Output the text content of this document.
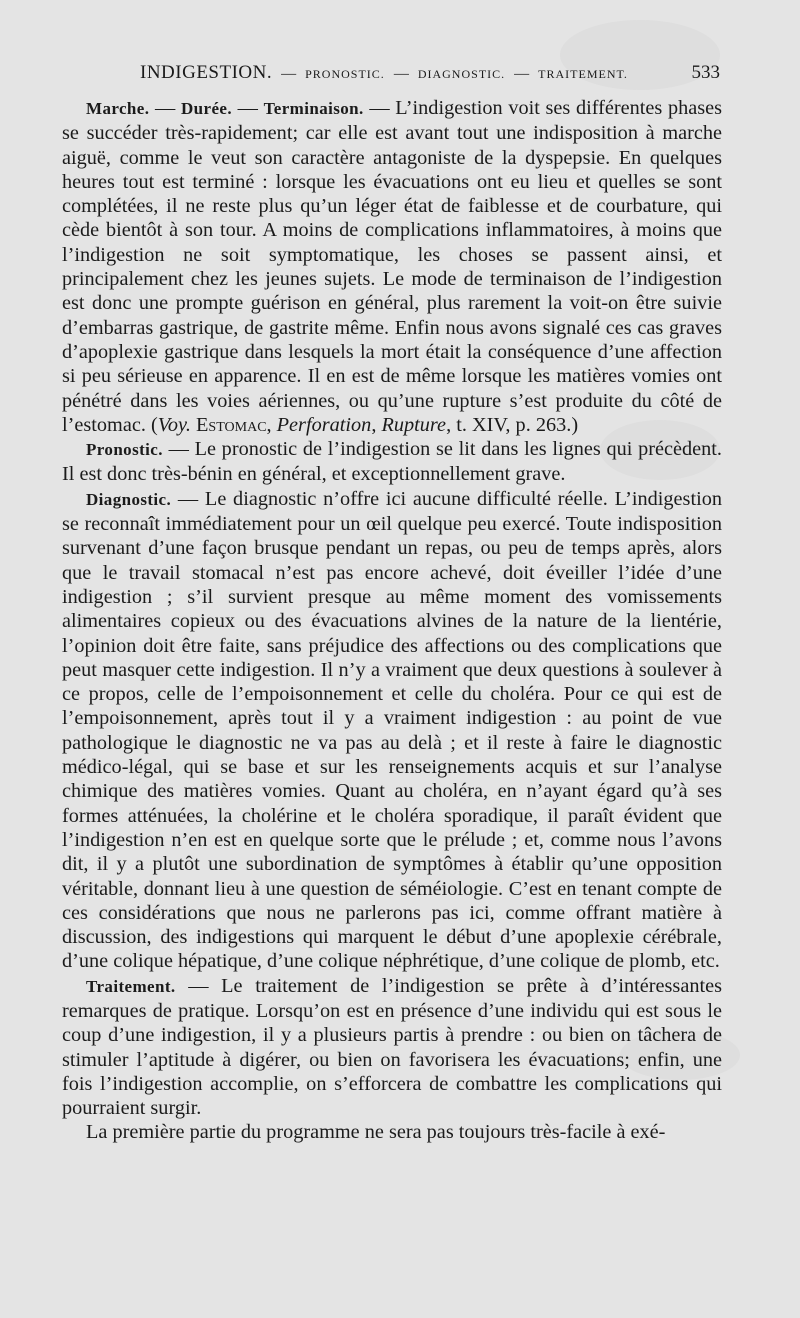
INDIGESTION. — PRONOSTIC. — DIAGNOSTIC. — TRAITEMENT.	533

Marche. — Durée. — Terminaison. — L’indigestion voit ses différentes phases se succéder très-rapidement; car elle est avant tout une indisposition à marche aiguë, comme le veut son caractère antagoniste de la dyspepsie. En quelques heures tout est terminé : lorsque les évacuations ont eu lieu et quelles se sont complétées, il ne reste plus qu’un léger état de faiblesse et de courbature, qui cède bientôt à son tour. A moins de complications inflammatoires, à moins que l’indigestion ne soit symptomatique, les choses se passent ainsi, et principalement chez les jeunes sujets. Le mode de terminaison de l’indigestion est donc une prompte guérison en général, plus rarement la voit-on être suivie d’embarras gastrique, de gastrite même. Enfin nous avons signalé ces cas graves d’apoplexie gastrique dans lesquels la mort était la conséquence d’une affection si peu sérieuse en apparence. Il en est de même lorsque les matières vomies ont pénétré dans les voies aériennes, ou qu’une rupture s’est produite du côté de l’estomac. (Voy. Estomac, Perforation, Rupture, t. XIV, p. 263.)

Pronostic. — Le pronostic de l’indigestion se lit dans les lignes qui précèdent. Il est donc très-bénin en général, et exceptionnellement grave.

Diagnostic. — Le diagnostic n’offre ici aucune difficulté réelle. L’indigestion se reconnaît immédiatement pour un œil quelque peu exercé. Toute indisposition survenant d’une façon brusque pendant un repas, ou peu de temps après, alors que le travail stomacal n’est pas encore achevé, doit éveiller l’idée d’une indigestion ; s’il survient presque au même moment des vomissements alimentaires copieux ou des évacuations alvines de la nature de la lientérie, l’opinion doit être faite, sans préjudice des affections ou des complications que peut masquer cette indigestion. Il n’y a vraiment que deux questions à soulever à ce propos, celle de l’empoisonnement et celle du choléra. Pour ce qui est de l’empoisonnement, après tout il y a vraiment indigestion : au point de vue pathologique le diagnostic ne va pas au delà ; et il reste à faire le diagnostic médico-légal, qui se base et sur les renseignements acquis et sur l’analyse chimique des matières vomies. Quant au choléra, en n’ayant égard qu’à ses formes atténuées, la cholérine et le choléra sporadique, il paraît évident que l’indigestion n’en est en quelque sorte que le prélude ; et, comme nous l’avons dit, il y a plutôt une subordination de symptômes à établir qu’une opposition véritable, donnant lieu à une question de séméiologie. C’est en tenant compte de ces considérations que nous ne parlerons pas ici, comme offrant matière à discussion, des indigestions qui marquent le début d’une apoplexie cérébrale, d’une colique hépatique, d’une colique néphrétique, d’une colique de plomb, etc.

Traitement. — Le traitement de l’indigestion se prête à d’intéressantes remarques de pratique. Lorsqu’on est en présence d’une individu qui est sous le coup d’une indigestion, il y a plusieurs partis à prendre : ou bien on tâchera de stimuler l’aptitude à digérer, ou bien on favorisera les évacuations; enfin, une fois l’indigestion accomplie, on s’efforcera de combattre les complications qui pourraient surgir.

La première partie du programme ne sera pas toujours très-facile à exé-
